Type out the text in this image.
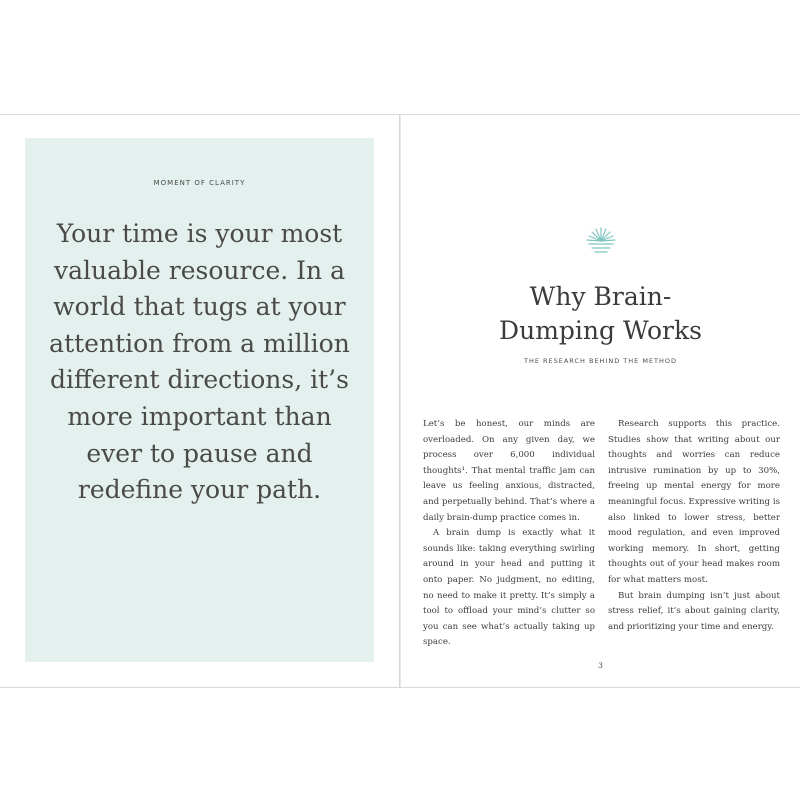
MOMENT OF CLARITY

Your time is your most valuable resource. In a world that tugs at your attention from a million different directions, it’s more important than ever to pause and redefine your path.

Why Brain-
Dumping Works
THE RESEARCH BEHIND THE METHOD

Let’s be honest, our minds are overloaded. On any given day, we process over 6,000 individual thoughts¹. That mental traffic jam can leave us feeling anxious, distracted, and perpetually behind. That’s where a daily brain-dump practice comes in.

A brain dump is exactly what it sounds like: taking everything swirling around in your head and putting it onto paper. No judgment, no editing, no need to make it pretty. It’s simply a tool to offload your mind’s clutter so you can see what’s actually taking up space.

Research supports this practice. Studies show that writing about our thoughts and worries can reduce intrusive rumination by up to 30%, freeing up mental energy for more meaningful focus. Expressive writing is also linked to lower stress, better mood regulation, and even improved working memory. In short, getting thoughts out of your head makes room for what matters most.

But brain dumping isn’t just about stress relief, it’s about gaining clarity, and prioritizing your time and energy.

3
